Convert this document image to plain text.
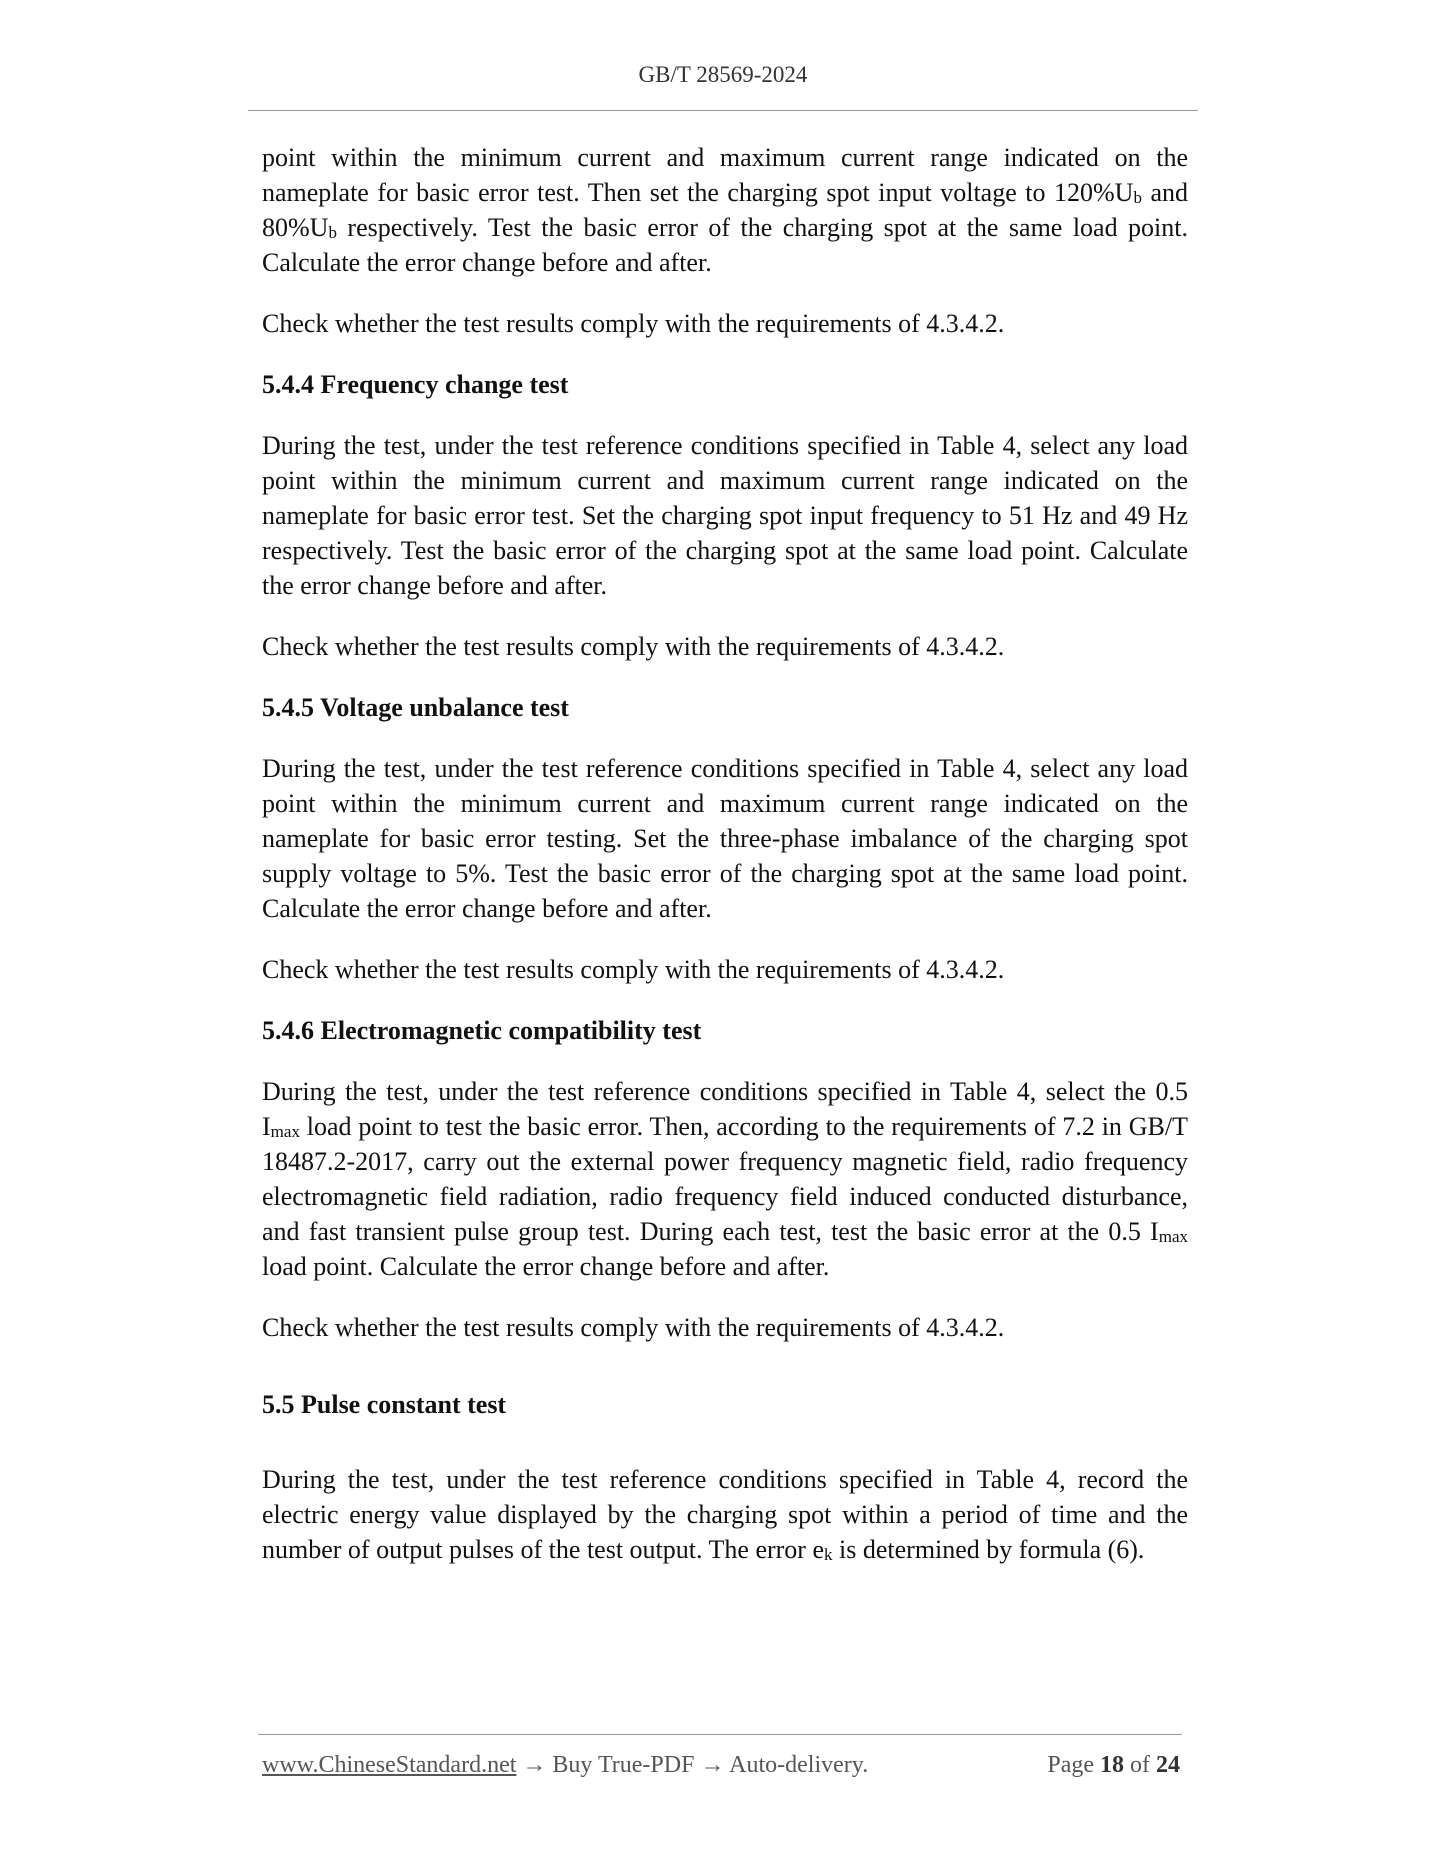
GB/T 28569-2024

point within the minimum current and maximum current range indicated on the nameplate for basic error test. Then set the charging spot input voltage to $120\%U_b$ and $80\%U_b$ respectively. Test the basic error of the charging spot at the same load point. Calculate the error change before and after.

Check whether the test results comply with the requirements of 4.3.4.2.

5.4.4 Frequency change test

During the test, under the test reference conditions specified in Table 4, select any load point within the minimum current and maximum current range indicated on the nameplate for basic error test. Set the charging spot input frequency to 51 Hz and 49 Hz respectively. Test the basic error of the charging spot at the same load point. Calculate the error change before and after.

Check whether the test results comply with the requirements of 4.3.4.2.

5.4.5 Voltage unbalance test

During the test, under the test reference conditions specified in Table 4, select any load point within the minimum current and maximum current range indicated on the nameplate for basic error testing. Set the three-phase imbalance of the charging spot supply voltage to 5%. Test the basic error of the charging spot at the same load point. Calculate the error change before and after.

Check whether the test results comply with the requirements of 4.3.4.2.

5.4.6 Electromagnetic compatibility test

During the test, under the test reference conditions specified in Table 4, select the 0.5 $I_{max}$ load point to test the basic error. Then, according to the requirements of 7.2 in GB/T 18487.2-2017, carry out the external power frequency magnetic field, radio frequency electromagnetic field radiation, radio frequency field induced conducted disturbance, and fast transient pulse group test. During each test, test the basic error at the 0.5 $I_{max}$ load point. Calculate the error change before and after.

Check whether the test results comply with the requirements of 4.3.4.2.

5.5 Pulse constant test

During the test, under the test reference conditions specified in Table 4, record the electric energy value displayed by the charging spot within a period of time and the number of output pulses of the test output. The error $e_k$ is determined by formula (6).

www.ChineseStandard.net → Buy True-PDF → Auto-delivery.	Page 18 of 24
